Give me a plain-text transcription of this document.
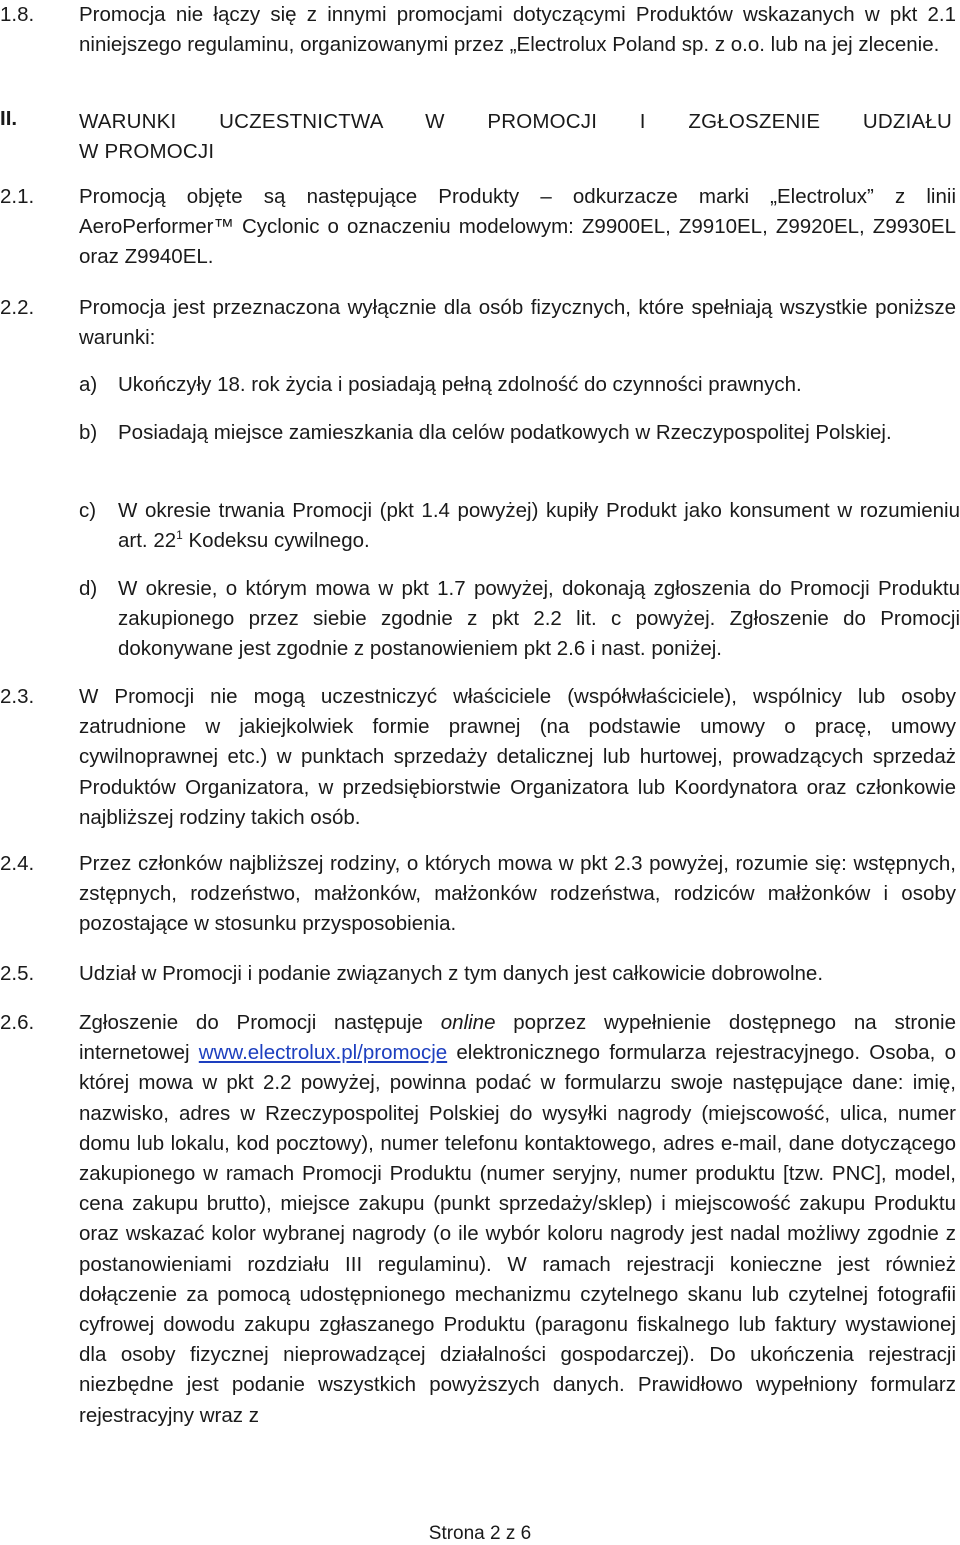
1.8. Promocja nie łączy się z innymi promocjami dotyczącymi Produktów wskazanych w pkt 2.1 niniejszego regulaminu, organizowanymi przez „Electrolux Poland sp. z o.o. lub na jej zlecenie.
II.	WARUNKI UCZESTNICTWA W PROMOCJI I ZGŁOSZENIE UDZIAŁU
W PROMOCJI
2.1. Promocją objęte są następujące Produkty – odkurzacze marki „Electrolux” z linii AeroPerformer™ Cyclonic o oznaczeniu modelowym: Z9900EL, Z9910EL, Z9920EL, Z9930EL oraz Z9940EL.
2.2. Promocja jest przeznaczona wyłącznie dla osób fizycznych, które spełniają wszystkie poniższe warunki:
a) Ukończyły 18. rok życia i posiadają pełną zdolność do czynności prawnych.
b) Posiadają miejsce zamieszkania dla celów podatkowych w Rzeczypospolitej Polskiej.
c) W okresie trwania Promocji (pkt 1.4 powyżej) kupiły Produkt jako konsument w rozumieniu art. $22^1$ Kodeksu cywilnego.
d) W okresie, o którym mowa w pkt 1.7 powyżej, dokonają zgłoszenia do Promocji Produktu zakupionego przez siebie zgodnie z pkt 2.2 lit. c powyżej. Zgłoszenie do Promocji dokonywane jest zgodnie z postanowieniem pkt 2.6 i nast. poniżej.
2.3. W Promocji nie mogą uczestniczyć właściciele (współwłaściciele), wspólnicy lub osoby zatrudnione w jakiejkolwiek formie prawnej (na podstawie umowy o pracę, umowy cywilnoprawnej etc.) w punktach sprzedaży detalicznej lub hurtowej, prowadzących sprzedaż Produktów Organizatora, w przedsiębiorstwie Organizatora lub Koordynatora oraz członkowie najbliższej rodziny takich osób.
2.4. Przez członków najbliższej rodziny, o których mowa w pkt 2.3 powyżej, rozumie się: wstępnych, zstępnych, rodzeństwo, małżonków, małżonków rodzeństwa, rodziców małżonków i osoby pozostające w stosunku przysposobienia.
2.5. Udział w Promocji i podanie związanych z tym danych jest całkowicie dobrowolne.
2.6. Zgłoszenie do Promocji następuje online poprzez wypełnienie dostępnego na stronie internetowej www.electrolux.pl/promocje elektronicznego formularza rejestracyjnego. Osoba, o której mowa w pkt 2.2 powyżej, powinna podać w formularzu swoje następujące dane: imię, nazwisko, adres w Rzeczypospolitej Polskiej do wysyłki nagrody (miejscowość, ulica, numer domu lub lokalu, kod pocztowy), numer telefonu kontaktowego, adres e-mail, dane dotyczącego zakupionego w ramach Promocji Produktu (numer seryjny, numer produktu [tzw. PNC], model, cena zakupu brutto), miejsce zakupu (punkt sprzedaży/sklep) i miejscowość zakupu Produktu oraz wskazać kolor wybranej nagrody (o ile wybór koloru nagrody jest nadal możliwy zgodnie z postanowieniami rozdziału III regulaminu). W ramach rejestracji konieczne jest również dołączenie za pomocą udostępnionego mechanizmu czytelnego skanu lub czytelnej fotografii cyfrowej dowodu zakupu zgłaszanego Produktu (paragonu fiskalnego lub faktury wystawionej dla osoby fizycznej nieprowadzącej działalności gospodarczej). Do ukończenia rejestracji niezbędne jest podanie wszystkich powyższych danych. Prawidłowo wypełniony formularz rejestracyjny wraz z
Strona 2 z 6
